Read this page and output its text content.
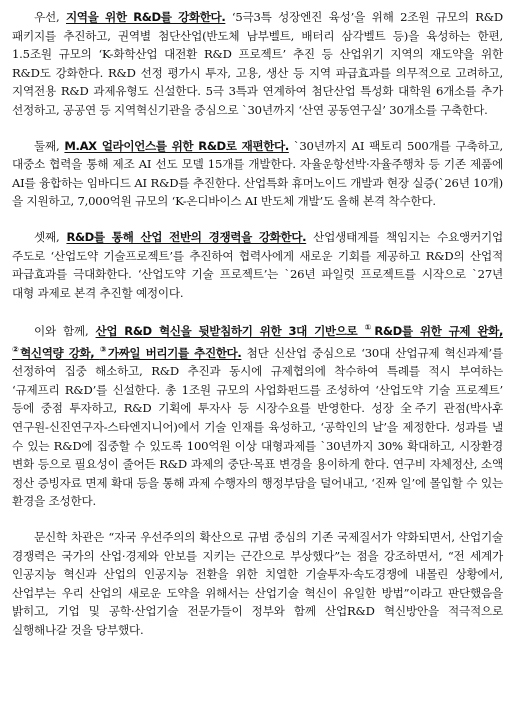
우선, 지역을 위한 R&D를 강화한다. ‘5극3특 성장엔진 육성’을 위해 2조원 규모의 R&D 패키지를 추진하고, 권역별 첨단산업(반도체 남부벨트, 배터리 삼각벨트 등)을 육성하는 한편, 1.5조원 규모의 ‘K-화학산업 대전환 R&D 프로젝트’ 추진 등 산업위기 지역의 재도약을 위한 R&D도 강화한다. R&D 선정 평가시 투자, 고용, 생산 등 지역 파급효과를 의무적으로 고려하고, 지역전용 R&D 과제유형도 신설한다. 5극 3특과 연계하여 첨단산업 특성화 대학원 6개소를 추가 선정하고, 공공연 등 지역혁신기관을 중심으로 `30년까지 ‘산연 공동연구실’ 30개소를 구축한다.

둘째, M.AX 얼라이언스를 위한 R&D로 재편한다. `30년까지 AI 팩토리 500개를 구축하고, 대중소 협력을 통해 제조 AI 선도 모델 15개를 개발한다. 자율운항선박·자율주행차 등 기존 제품에 AI를 융합하는 임바디드 AI R&D를 추진한다. 산업특화 휴머노이드 개발과 현장 실증(`26년 10개)을 지원하고, 7,000억원 규모의 ‘K-온디바이스 AI 반도체 개발’도 올해 본격 착수한다.

셋째, R&D를 통해 산업 전반의 경쟁력을 강화한다. 산업생태계를 책임지는 수요앵커기업 주도로 ‘산업도약 기술프로젝트’를 추진하여 협력사에게 새로운 기회를 제공하고 R&D의 산업적 파급효과를 극대화한다. ‘산업도약 기술 프로젝트’는 `26년 파일럿 프로젝트를 시작으로 `27년 대형 과제로 본격 추진할 예정이다.

이와 함께, 산업 R&D 혁신을 뒷받침하기 위한 3대 기반으로 ①R&D를 위한 규제 완화, ②혁신역량 강화, ③가짜일 버리기를 추진한다. 첨단 신산업 중심으로 ‘30대 산업규제 혁신과제’를 선정하여 집중 해소하고, R&D 추진과 동시에 규제협의에 착수하여 특례를 적시 부여하는 ‘규제프리 R&D’를 신설한다. 총 1조원 규모의 사업화펀드를 조성하여 ‘산업도약 기술 프로젝트’ 등에 중점 투자하고, R&D 기획에 투자사 등 시장수요를 반영한다. 성장 全주기 관점(박사후 연구원-신진연구자-스타엔지니어)에서 기술 인재를 육성하고, ‘공학인의 날’을 제정한다. 성과를 낼 수 있는 R&D에 집중할 수 있도록 100억원 이상 대형과제를 `30년까지 30% 확대하고, 시장환경 변화 등으로 필요성이 줄어든 R&D 과제의 중단·목표 변경을 용이하게 한다. 연구비 자체정산, 소액 정산 증빙자료 면제 확대 등을 통해 과제 수행자의 행정부담을 덜어내고, ‘진짜 일’에 몰입할 수 있는 환경을 조성한다.

문신학 차관은 “자국 우선주의의 확산으로 규범 중심의 기존 국제질서가 약화되면서, 산업기술 경쟁력은 국가의 산업·경제와 안보를 지키는 근간으로 부상했다”는 점을 강조하면서, “전 세계가 인공지능 혁신과 산업의 인공지능 전환을 위한 치열한 기술투자·속도경쟁에 내몰린 상황에서, 산업부는 우리 산업의 새로운 도약을 위해서는 산업기술 혁신이 유일한 방법”이라고 판단했음을 밝히고, 기업 및 공학·산업기술 전문가들이 정부와 함께 산업R&D 혁신방안을 적극적으로 실행해나갈 것을 당부했다.
